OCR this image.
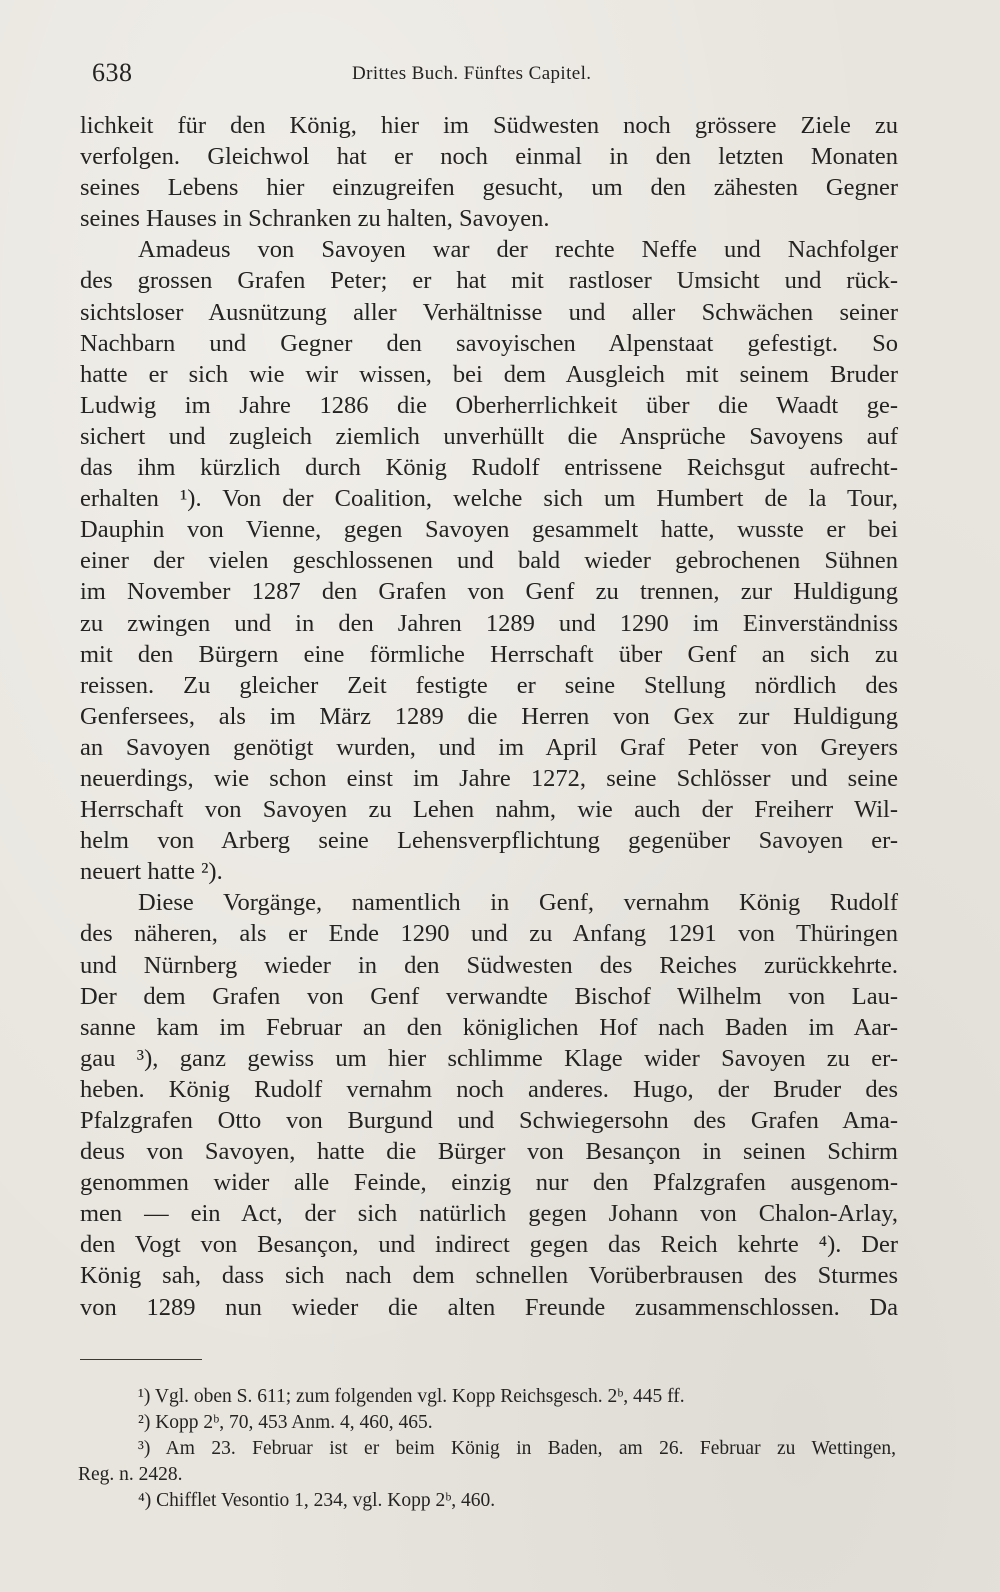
638	Drittes Buch. Fünftes Capitel.
lichkeit für den König, hier im Südwesten noch grössere Ziele zu
verfolgen. Gleichwol hat er noch einmal in den letzten Monaten
seines Lebens hier einzugreifen gesucht, um den zähesten Gegner
seines Hauses in Schranken zu halten, Savoyen.
Amadeus von Savoyen war der rechte Neffe und Nachfolger
des grossen Grafen Peter; er hat mit rastloser Umsicht und rück-
sichtsloser Ausnützung aller Verhältnisse und aller Schwächen seiner
Nachbarn und Gegner den savoyischen Alpenstaat gefestigt. So
hatte er sich wie wir wissen, bei dem Ausgleich mit seinem Bruder
Ludwig im Jahre 1286 die Oberherrlichkeit über die Waadt ge-
sichert und zugleich ziemlich unverhüllt die Ansprüche Savoyens auf
das ihm kürzlich durch König Rudolf entrissene Reichsgut aufrecht-
erhalten ¹). Von der Coalition, welche sich um Humbert de la Tour,
Dauphin von Vienne, gegen Savoyen gesammelt hatte, wusste er bei
einer der vielen geschlossenen und bald wieder gebrochenen Sühnen
im November 1287 den Grafen von Genf zu trennen, zur Huldigung
zu zwingen und in den Jahren 1289 und 1290 im Einverständniss
mit den Bürgern eine förmliche Herrschaft über Genf an sich zu
reissen. Zu gleicher Zeit festigte er seine Stellung nördlich des
Genfersees, als im März 1289 die Herren von Gex zur Huldigung
an Savoyen genötigt wurden, und im April Graf Peter von Greyers
neuerdings, wie schon einst im Jahre 1272, seine Schlösser und seine
Herrschaft von Savoyen zu Lehen nahm, wie auch der Freiherr Wil-
helm von Arberg seine Lehensverpflichtung gegenüber Savoyen er-
neuert hatte ²).
Diese Vorgänge, namentlich in Genf, vernahm König Rudolf
des näheren, als er Ende 1290 und zu Anfang 1291 von Thüringen
und Nürnberg wieder in den Südwesten des Reiches zurückkehrte.
Der dem Grafen von Genf verwandte Bischof Wilhelm von Lau-
sanne kam im Februar an den königlichen Hof nach Baden im Aar-
gau ³), ganz gewiss um hier schlimme Klage wider Savoyen zu er-
heben. König Rudolf vernahm noch anderes. Hugo, der Bruder des
Pfalzgrafen Otto von Burgund und Schwiegersohn des Grafen Ama-
deus von Savoyen, hatte die Bürger von Besançon in seinen Schirm
genommen wider alle Feinde, einzig nur den Pfalzgrafen ausgenom-
men — ein Act, der sich natürlich gegen Johann von Chalon-Arlay,
den Vogt von Besançon, und indirect gegen das Reich kehrte ⁴). Der
König sah, dass sich nach dem schnellen Vorüberbrausen des Sturmes
von 1289 nun wieder die alten Freunde zusammenschlossen. Da
¹) Vgl. oben S. 611; zum folgenden vgl. Kopp Reichsgesch. 2ᵇ, 445 ff.
²) Kopp 2ᵇ, 70, 453 Anm. 4, 460, 465.
³) Am 23. Februar ist er beim König in Baden, am 26. Februar zu Wettingen,
Reg. n. 2428.
⁴) Chifflet Vesontio 1, 234, vgl. Kopp 2ᵇ, 460.
